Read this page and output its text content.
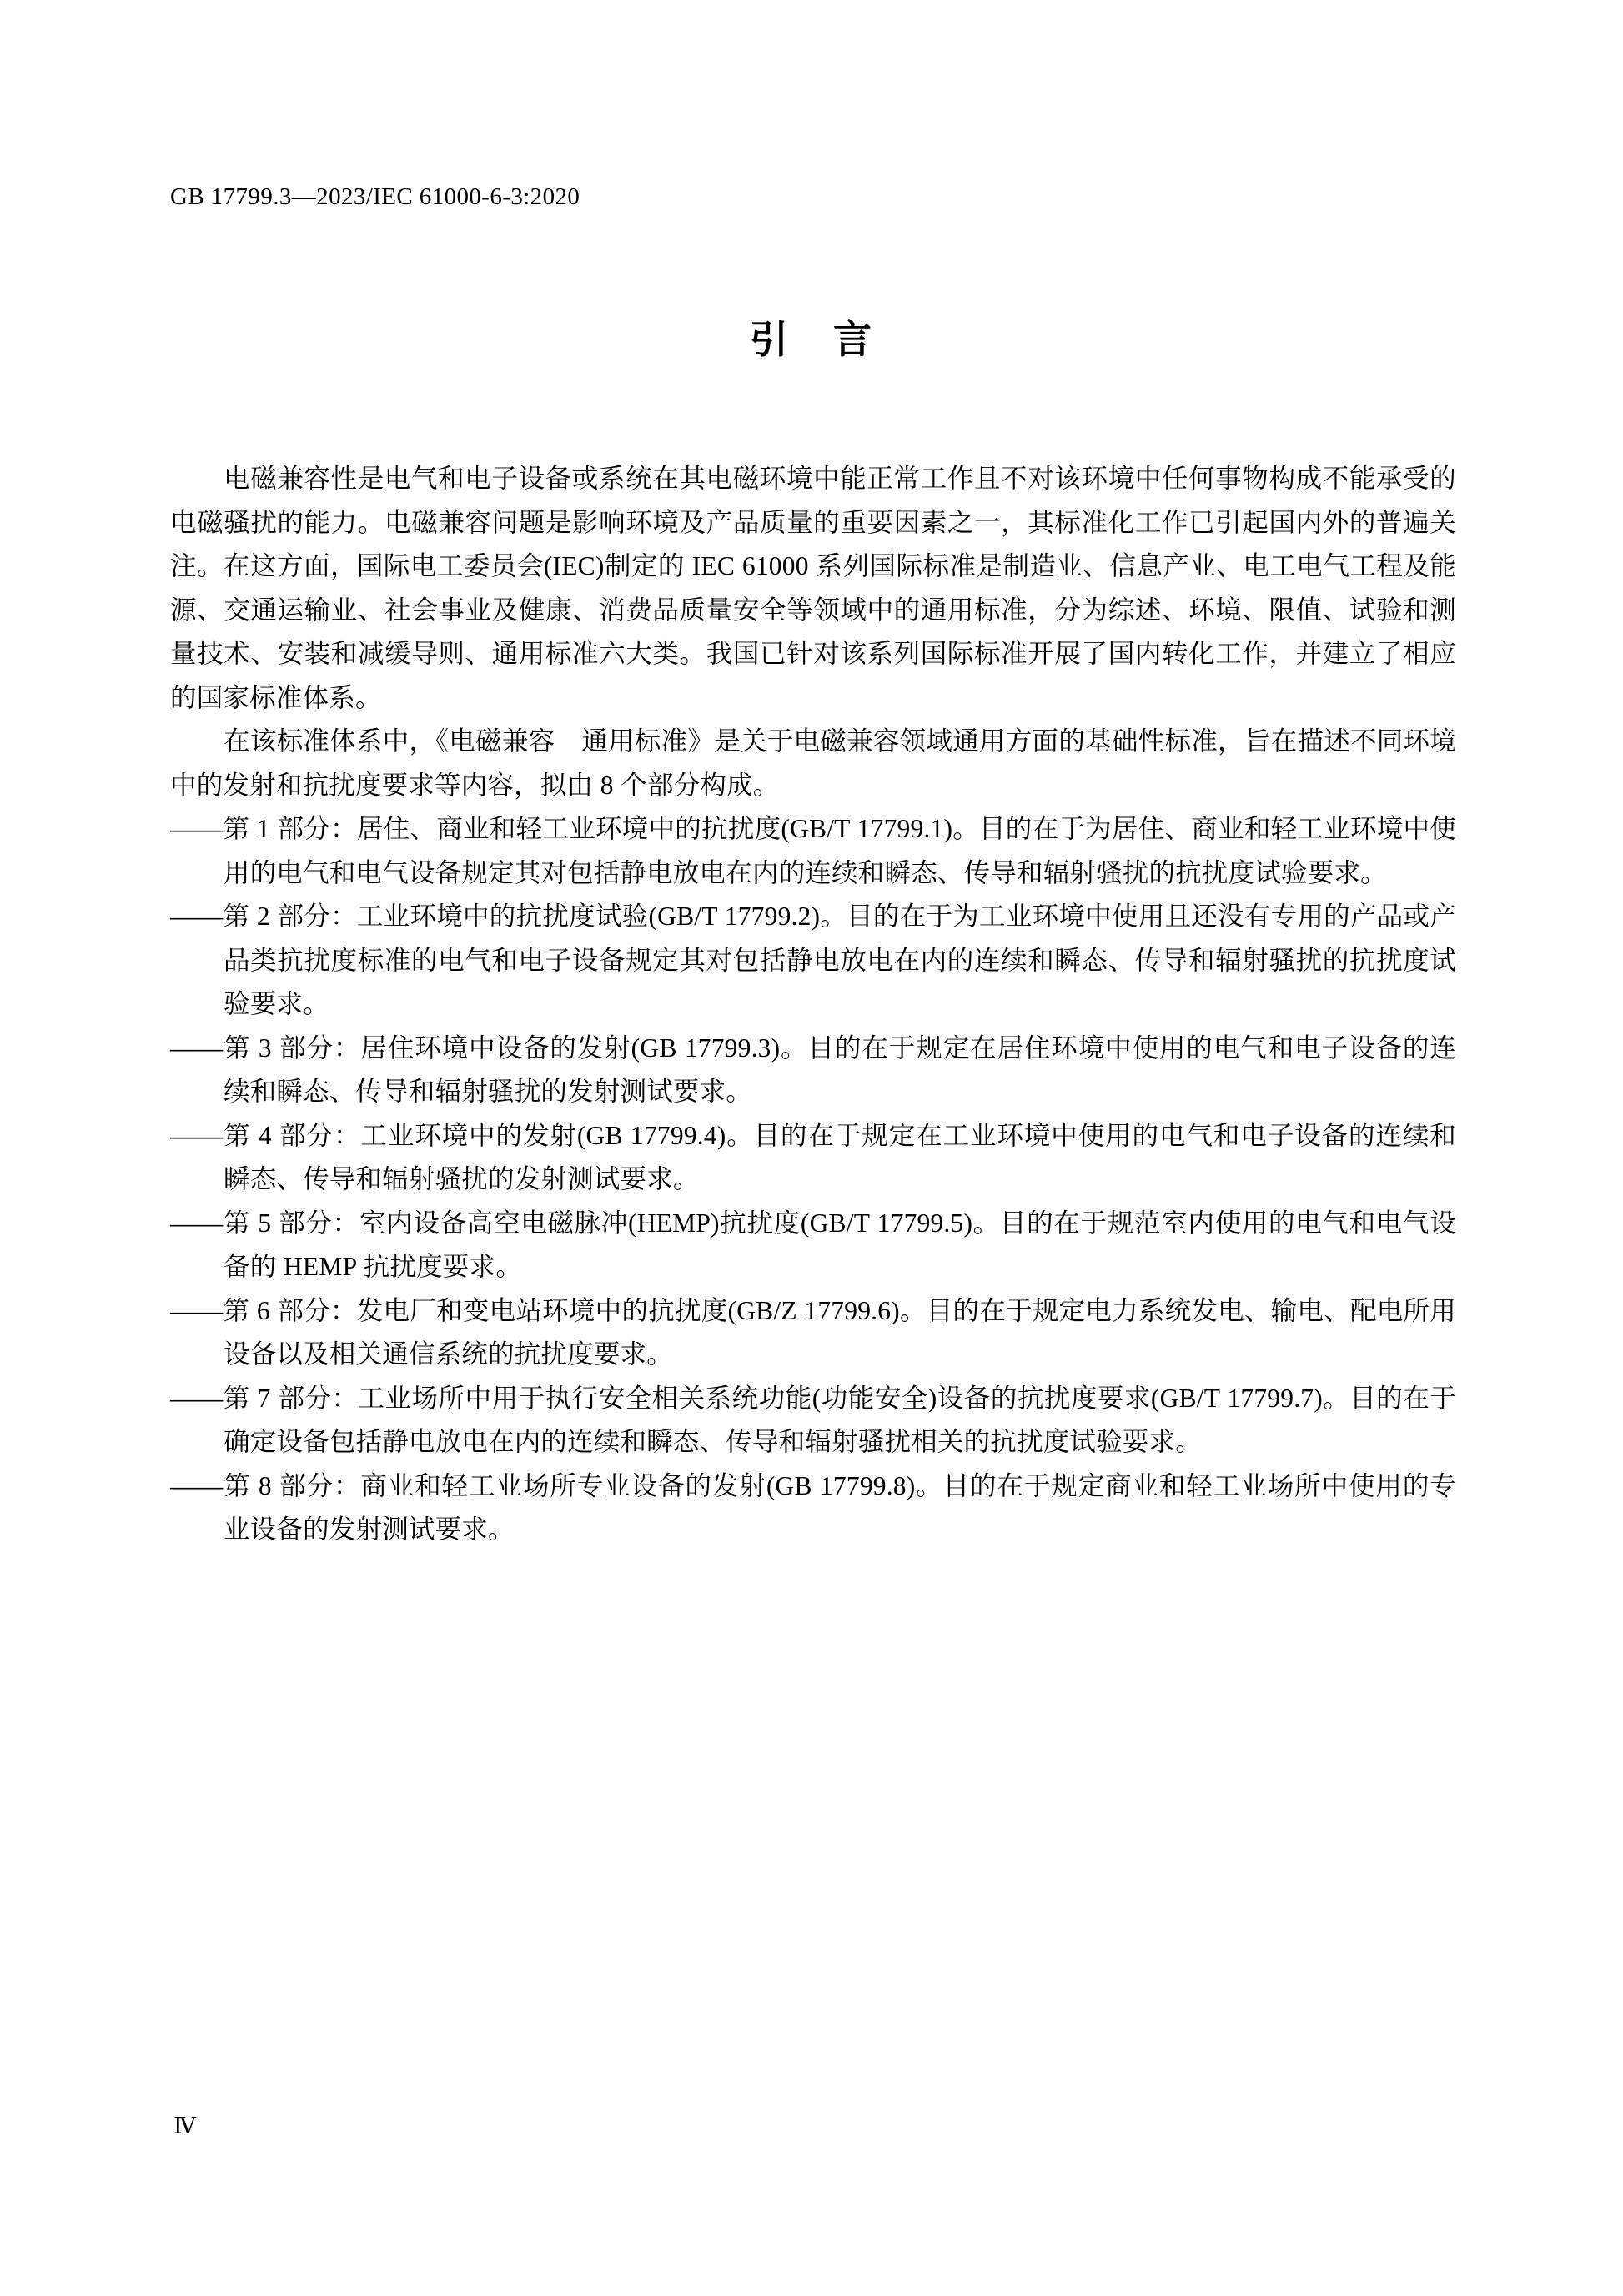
GB 17799.3—2023/IEC 61000-6-3:2020
引 言

电磁兼容性是电气和电子设备或系统在其电磁环境中能正常工作且不对该环境中任何事物构成不能承受的电磁骚扰的能力。电磁兼容问题是影响环境及产品质量的重要因素之一，其标准化工作已引起国内外的普遍关注。在这方面，国际电工委员会(IEC)制定的 IEC 61000 系列国际标准是制造业、信息产业、电工电气工程及能源、交通运输业、社会事业及健康、消费品质量安全等领域中的通用标准，分为综述、环境、限值、试验和测量技术、安装和减缓导则、通用标准六大类。我国已针对该系列国际标准开展了国内转化工作，并建立了相应的国家标准体系。

在该标准体系中，《电磁兼容　通用标准》是关于电磁兼容领域通用方面的基础性标准，旨在描述不同环境中的发射和抗扰度要求等内容，拟由 8 个部分构成。

——第 1 部分：居住、商业和轻工业环境中的抗扰度(GB/T 17799.1)。目的在于为居住、商业和轻工业环境中使用的电气和电气设备规定其对包括静电放电在内的连续和瞬态、传导和辐射骚扰的抗扰度试验要求。
——第 2 部分：工业环境中的抗扰度试验(GB/T 17799.2)。目的在于为工业环境中使用且还没有专用的产品或产品类抗扰度标准的电气和电子设备规定其对包括静电放电在内的连续和瞬态、传导和辐射骚扰的抗扰度试验要求。
——第 3 部分：居住环境中设备的发射(GB 17799.3)。目的在于规定在居住环境中使用的电气和电子设备的连续和瞬态、传导和辐射骚扰的发射测试要求。
——第 4 部分：工业环境中的发射(GB 17799.4)。目的在于规定在工业环境中使用的电气和电子设备的连续和瞬态、传导和辐射骚扰的发射测试要求。
——第 5 部分：室内设备高空电磁脉冲(HEMP)抗扰度(GB/T 17799.5)。目的在于规范室内使用的电气和电气设备的 HEMP 抗扰度要求。
——第 6 部分：发电厂和变电站环境中的抗扰度(GB/Z 17799.6)。目的在于规定电力系统发电、输电、配电所用设备以及相关通信系统的抗扰度要求。
——第 7 部分：工业场所中用于执行安全相关系统功能(功能安全)设备的抗扰度要求(GB/T 17799.7)。目的在于确定设备包括静电放电在内的连续和瞬态、传导和辐射骚扰相关的抗扰度试验要求。
——第 8 部分：商业和轻工业场所专业设备的发射(GB 17799.8)。目的在于规定商业和轻工业场所中使用的专业设备的发射测试要求。
Ⅳ
